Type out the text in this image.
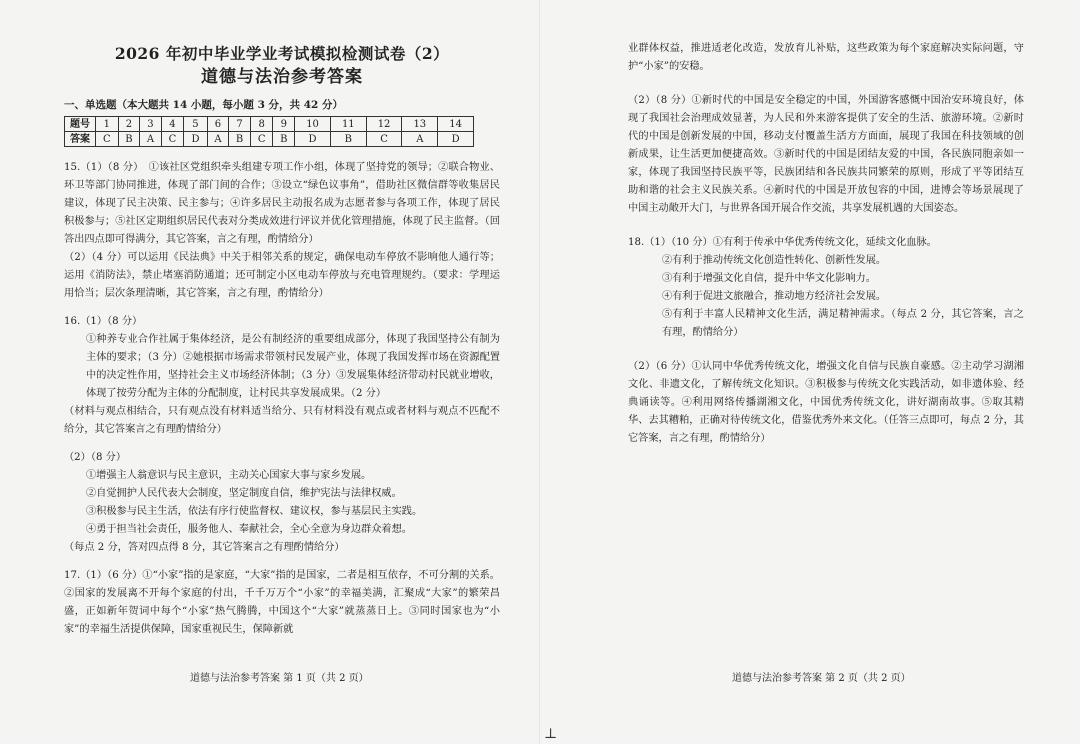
2026 年初中毕业学业考试模拟检测试卷（2）

道德与法治参考答案

一、单选题（本大题共 14 小题，每小题 3 分，共 42 分）

题号	1	2	3	4	5	6	7	8	9	10	11	12	13	14
答案	C	B	A	C	D	A	B	C	B	D	B	C	A	D

15.（1）（8 分）　①该社区党组织牵头组建专项工作小组，体现了坚持党的领导；②联合物业、环卫等部门协同推进，体现了部门间的合作；③设立“绿色议事角”，借助社区微信群等收集居民建议，体现了民主决策、民主参与；④许多居民主动报名成为志愿者参与各项工作，体现了居民积极参与；⑤社区定期组织居民代表对分类成效进行评议并优化管理措施，体现了民主监督。（回答出四点即可得满分，其它答案，言之有理，酌情给分）

（2）（4 分）可以运用《民法典》中关于相邻关系的规定，确保电动车停放不影响他人通行等；运用《消防法》，禁止堵塞消防通道；还可制定小区电动车停放与充电管理规约。（要求：学理运用恰当；层次条理清晰，其它答案，言之有理，酌情给分）

16.（1）（8 分）

①种养专业合作社属于集体经济，是公有制经济的重要组成部分，体现了我国坚持公有制为主体的要求；（3 分）②她根据市场需求带领村民发展产业，体现了我国发挥市场在资源配置中的决定性作用，坚持社会主义市场经济体制；（3 分）③发展集体经济带动村民就业增收，体现了按劳分配为主体的分配制度，让村民共享发展成果。（2 分）

（材料与观点相结合，只有观点没有材料适当给分、只有材料没有观点或者材料与观点不匹配不给分，其它答案言之有理酌情给分）

（2）（8 分）

①增强主人翁意识与民主意识，主动关心国家大事与家乡发展。

②自觉拥护人民代表大会制度，坚定制度自信，维护宪法与法律权威。

③积极参与民主生活，依法有序行使监督权、建议权，参与基层民主实践。

④勇于担当社会责任，服务他人、奉献社会，全心全意为身边群众着想。

（每点 2 分，答对四点得 8 分，其它答案言之有理酌情给分）

17.（1）（6 分）①“小家”指的是家庭，“大家”指的是国家，二者是相互依存，不可分割的关系。②国家的发展离不开每个家庭的付出，千千万万个“小家”的幸福美满，汇聚成“大家”的繁荣昌盛，正如新年贺词中每个“小家”热气腾腾，中国这个“大家”就蒸蒸日上。③同时国家也为“小家”的幸福生活提供保障，国家重视民生，保障新就

道德与法治参考答案 第 1 页（共 2 页）

业群体权益，推进适老化改造，发放育儿补贴，这些政策为每个家庭解决实际问题，守护“小家”的安稳。

（2）（8 分）①新时代的中国是安全稳定的中国，外国游客感慨中国治安环境良好，体现了我国社会治理成效显著，为人民和外来游客提供了安全的生活、旅游环境。②新时代的中国是创新发展的中国，移动支付覆盖生活方方面面，展现了我国在科技领域的创新成果，让生活更加便捷高效。③新时代的中国是团结友爱的中国，各民族同胞亲如一家，体现了我国坚持民族平等，民族团结和各民族共同繁荣的原则，形成了平等团结互助和谐的社会主义民族关系。④新时代的中国是开放包容的中国，进博会等场景展现了中国主动敞开大门，与世界各国开展合作交流，共享发展机遇的大国姿态。

18.（1）（10 分）①有利于传承中华优秀传统文化，延续文化血脉。

②有利于推动传统文化创造性转化、创新性发展。

③有利于增强文化自信，提升中华文化影响力。

④有利于促进文旅融合，推动地方经济社会发展。

⑤有利于丰富人民精神文化生活，满足精神需求。（每点 2 分，其它答案，言之有理，酌情给分）

（2）（6 分）①认同中华优秀传统文化，增强文化自信与民族自豪感。②主动学习湖湘文化、非遗文化，了解传统文化知识。③积极参与传统文化实践活动，如非遗体验、经典诵读等。④利用网络传播湖湘文化，中国优秀传统文化，讲好湖南故事。⑤取其精华、去其糟粕，正确对待传统文化，借鉴优秀外来文化。（任答三点即可，每点 2 分，其它答案，言之有理，酌情给分）

道德与法治参考答案 第 2 页（共 2 页）
⊥
